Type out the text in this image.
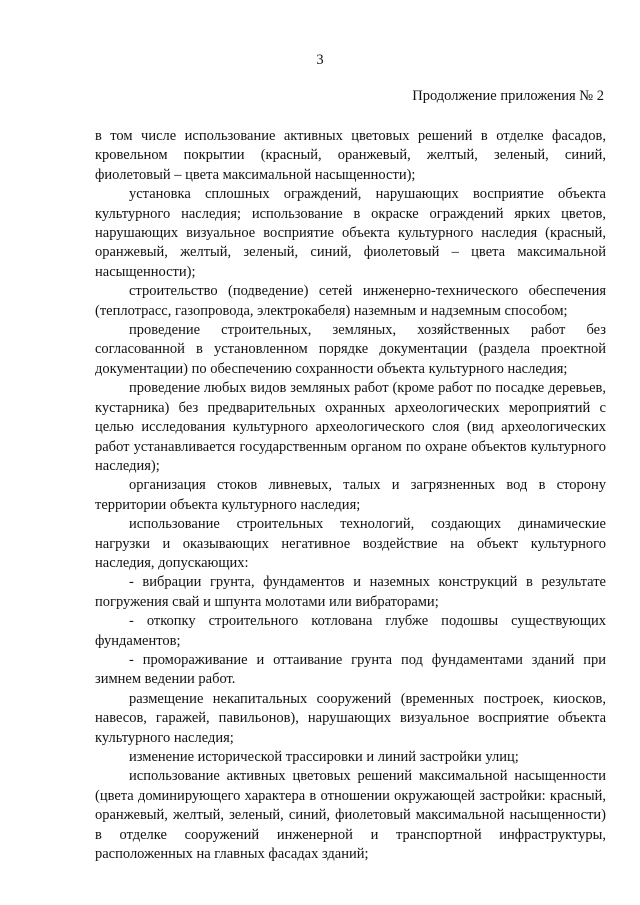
3
Продолжение приложения № 2

в том числе использование активных цветовых решений в отделке фасадов, кровельном покрытии (красный, оранжевый, желтый, зеленый, синий, фиолетовый – цвета максимальной насыщенности);

установка сплошных ограждений, нарушающих восприятие объекта культурного наследия; использование в окраске ограждений ярких цветов, нарушающих визуальное восприятие объекта культурного наследия (красный, оранжевый, желтый, зеленый, синий, фиолетовый – цвета максимальной насыщенности);

строительство (подведение) сетей инженерно-технического обеспечения (теплотрасс, газопровода, электрокабеля) наземным и надземным способом;

проведение строительных, земляных, хозяйственных работ без согласованной в установленном порядке документации (раздела проектной документации) по обеспечению сохранности объекта культурного наследия;

проведение любых видов земляных работ (кроме работ по посадке деревьев, кустарника) без предварительных охранных археологических мероприятий с целью исследования культурного археологического слоя (вид археологических работ устанавливается государственным органом по охране объектов культурного наследия);

организация стоков ливневых, талых и загрязненных вод в сторону территории объекта культурного наследия;

использование строительных технологий, создающих динамические нагрузки и оказывающих негативное воздействие на объект культурного наследия, допускающих:

- вибрации грунта, фундаментов и наземных конструкций в результате погружения свай и шпунта молотами или вибраторами;

- откопку строительного котлована глубже подошвы существующих фундаментов;

- промораживание и оттаивание грунта под фундаментами зданий при зимнем ведении работ.

размещение некапитальных сооружений (временных построек, киосков, навесов, гаражей, павильонов), нарушающих визуальное восприятие объекта культурного наследия;

изменение исторической трассировки и линий застройки улиц;

использование активных цветовых решений максимальной насыщенности (цвета доминирующего характера в отношении окружающей застройки: красный, оранжевый, желтый, зеленый, синий, фиолетовый максимальной насыщенности) в отделке сооружений инженерной и транспортной инфраструктуры, расположенных на главных фасадах зданий;
